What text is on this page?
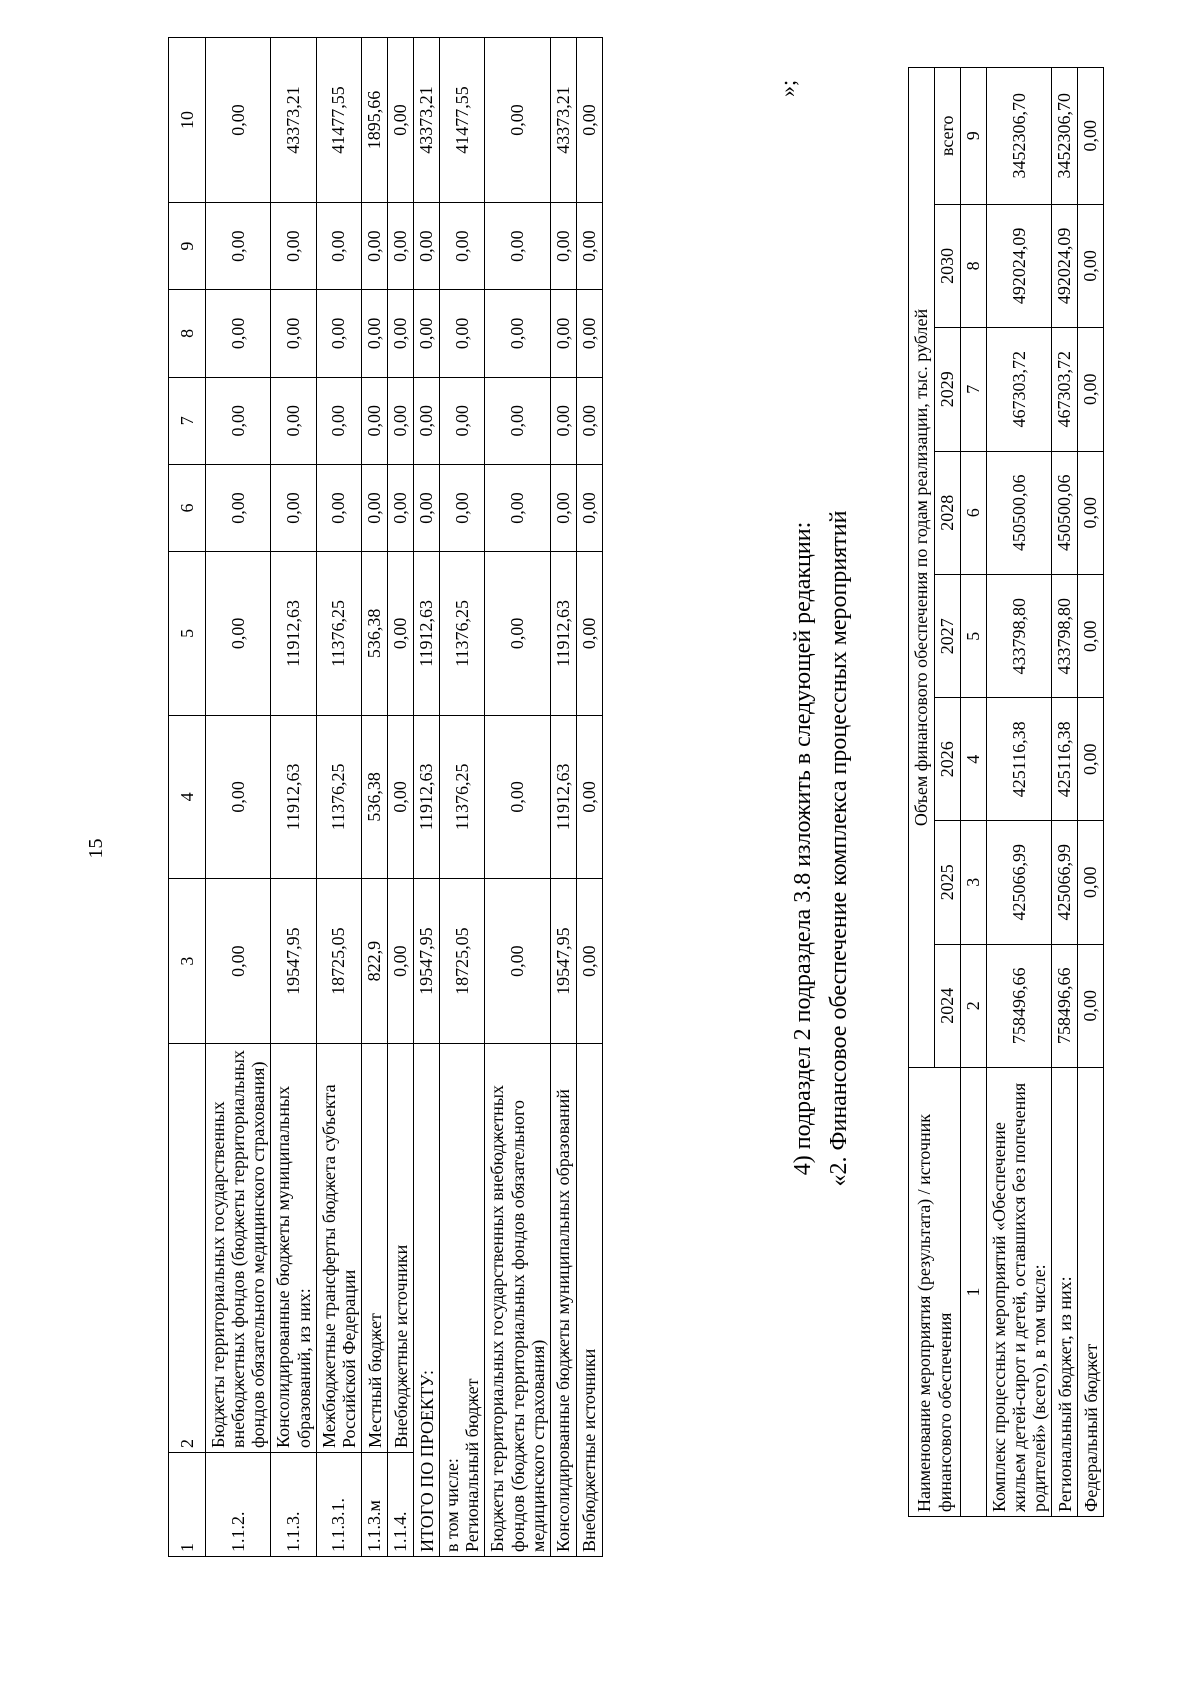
15
1	2	3	4	5	6	7	8	9	10
1.1.2.	Бюджеты территориальных государственных внебюджетных фондов (бюджеты территориальных фондов обязательного медицинского страхования)	0,00	0,00	0,00	0,00	0,00	0,00	0,00	0,00
1.1.3.	Консолидированные бюджеты муниципальных образований, из них:	19547,95	11912,63	11912,63	0,00	0,00	0,00	0,00	43373,21
1.1.3.1.	Межбюджетные трансферты бюджета субъекта Российской Федерации	18725,05	11376,25	11376,25	0,00	0,00	0,00	0,00	41477,55
1.1.3.м	Местный бюджет	822,9	536,38	536,38	0,00	0,00	0,00	0,00	1895,66
1.1.4.	Внебюджетные источники	0,00	0,00	0,00	0,00	0,00	0,00	0,00	0,00
ИТОГО ПО ПРОЕКТУ:		19547,95	11912,63	11912,63	0,00	0,00	0,00	0,00	43373,21
в том числе:
Региональный бюджет		18725,05	11376,25	11376,25	0,00	0,00	0,00	0,00	41477,55
Бюджеты территориальных государственных внебюджетных фондов (бюджеты территориальных фондов обязательного медицинского страхования)		0,00	0,00	0,00	0,00	0,00	0,00	0,00	0,00
Консолидированные бюджеты муниципальных образований		19547,95	11912,63	11912,63	0,00	0,00	0,00	0,00	43373,21
Внебюджетные источники		0,00	0,00	0,00	0,00	0,00	0,00	0,00	0,00
»;
4) подраздел 2 подраздела 3.8 изложить в следующей редакции: «2. Финансовое обеспечение комплекса процессных мероприятий
Наименование мероприятия (результата) / источник финансового обеспечения	Объем финансового обеспечения по годам реализации, тыс. рублей							
	2024	2025	2026	2027	2028	2029	2030	всего
1	2	3	4	5	6	7	8	9
Комплекс процессных мероприятий «Обеспечение жильем детей-сирот и детей, оставшихся без попечения родителей» (всего), в том числе:	758496,66	425066,99	425116,38	433798,80	450500,06	467303,72	492024,09	3452306,70
Региональный бюджет, из них:	758496,66	425066,99	425116,38	433798,80	450500,06	467303,72	492024,09	3452306,70
Федеральный бюджет	0,00	0,00	0,00	0,00	0,00	0,00	0,00	0,00
